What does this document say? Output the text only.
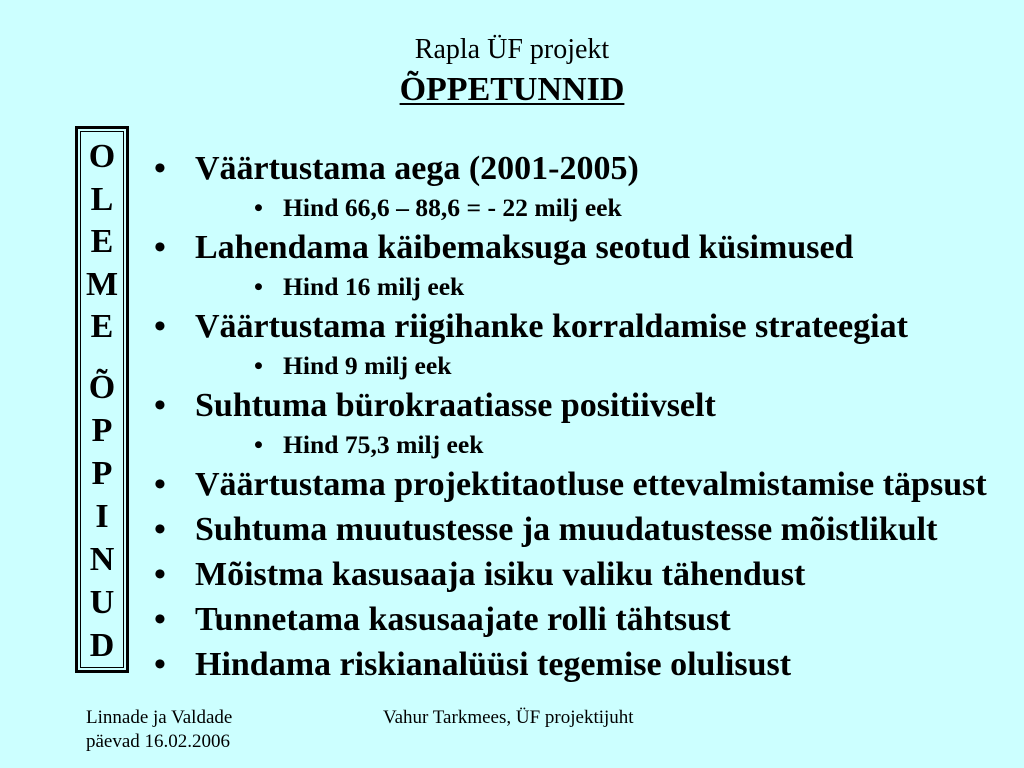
Rapla ÜF projekt
ÕPPETUNNID
O
L
E
M
E
Õ
P
P
I
N
U
D
• Väärtustama aega (2001-2005)
• Hind 66,6 – 88,6 = - 22 milj eek
• Lahendama käibemaksuga seotud küsimused
• Hind 16 milj eek
• Väärtustama riigihanke korraldamise strateegiat
• Hind 9 milj eek
• Suhtuma bürokraatiasse positiivselt
• Hind 75,3 milj eek
• Väärtustama projektitaotluse ettevalmistamise täpsust
• Suhtuma muutustesse ja muudatustesse mõistlikult
• Mõistma kasusaaja isiku valiku tähendust
• Tunnetama kasusaajate rolli tähtsust
• Hindama riskianalüüsi tegemise olulisust
Linnade ja Valdade
päevad 16.02.2006
Vahur Tarkmees, ÜF projektijuht
